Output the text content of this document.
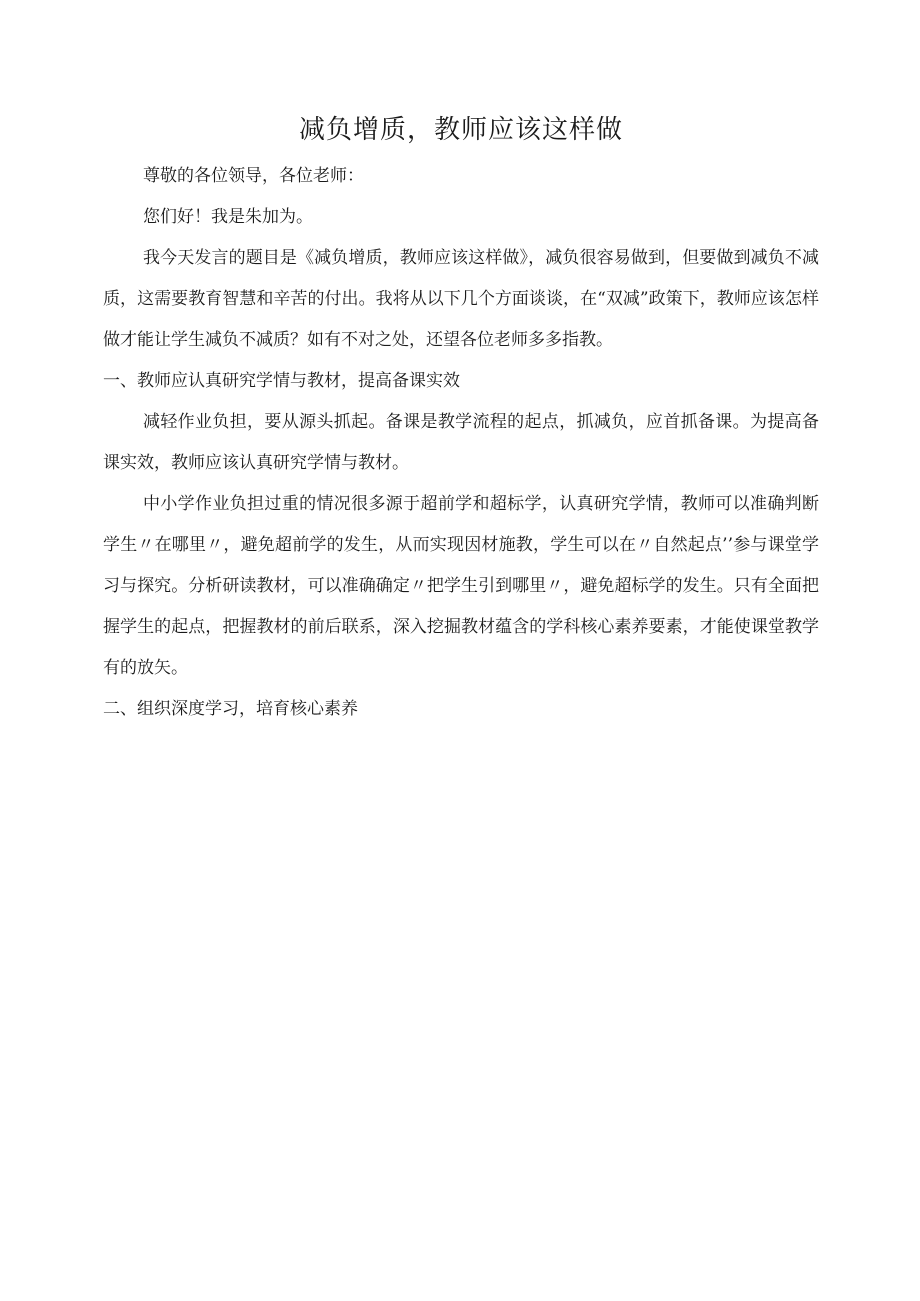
减负增质，教师应该这样做

尊敬的各位领导，各位老师：

您们好！我是朱加为。

我今天发言的题目是《减负增质，教师应该这样做》，减负很容易做到，但要做到减负不减质，这需要教育智慧和辛苦的付出。我将从以下几个方面谈谈，在“双减”政策下，教师应该怎样做才能让学生减负不减质？如有不对之处，还望各位老师多多指教。

一、教师应认真研究学情与教材，提高备课实效

减轻作业负担，要从源头抓起。备课是教学流程的起点，抓减负，应首抓备课。为提高备课实效，教师应该认真研究学情与教材。

中小学作业负担过重的情况很多源于超前学和超标学，认真研究学情，教师可以准确判断学生〃在哪里〃，避免超前学的发生，从而实现因材施教，学生可以在〃自然起点’’参与课堂学习与探究。分析研读教材，可以准确确定〃把学生引到哪里〃，避免超标学的发生。只有全面把握学生的起点，把握教材的前后联系，深入挖掘教材蕴含的学科核心素养要素，才能使课堂教学有的放矢。

二、组织深度学习，培育核心素养
